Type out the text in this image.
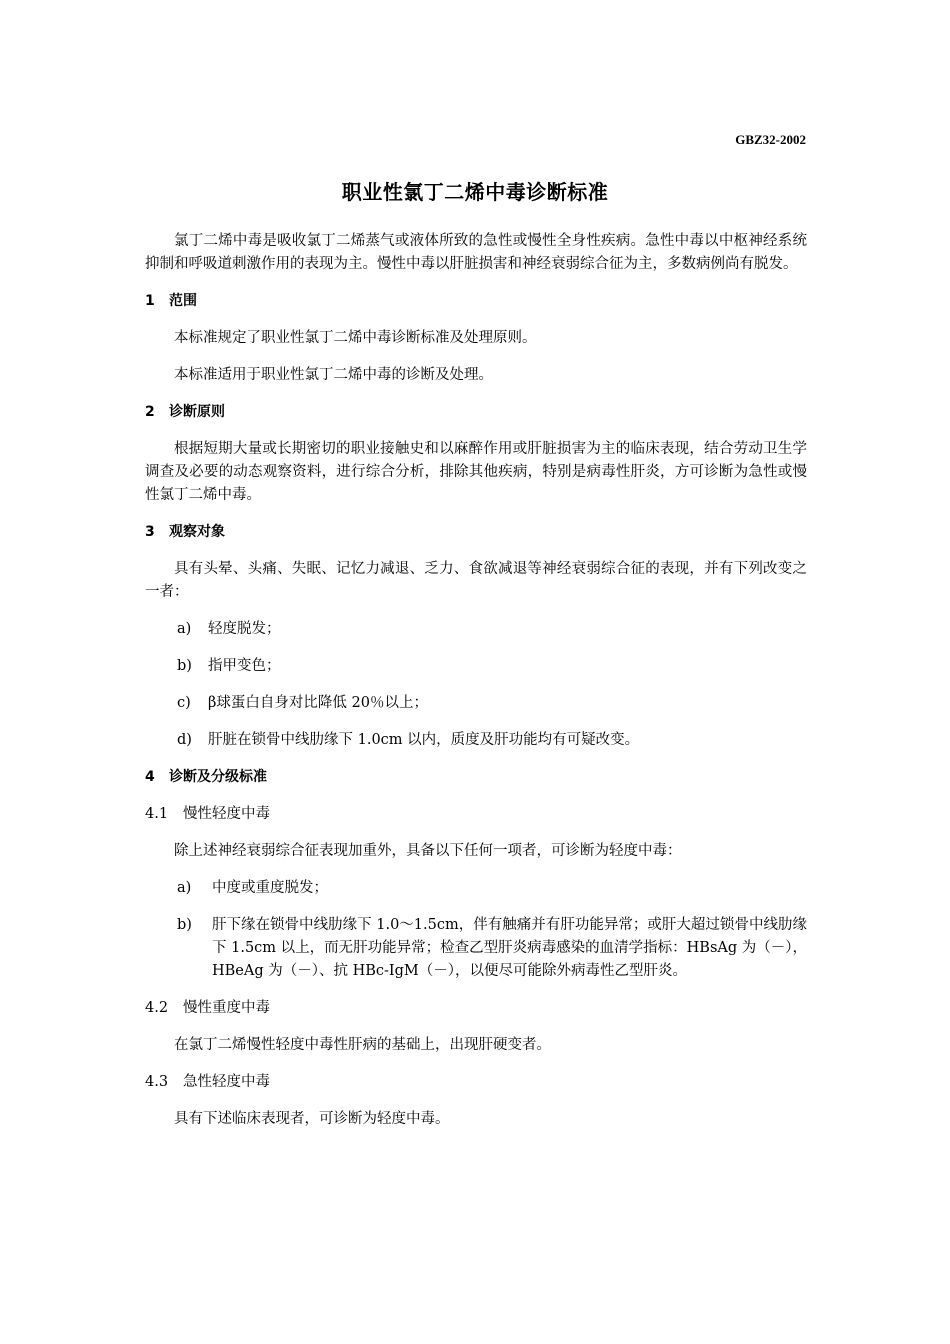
GBZ32-2002
职业性氯丁二烯中毒诊断标准

氯丁二烯中毒是吸收氯丁二烯蒸气或液体所致的急性或慢性全身性疾病。急性中毒以中枢神经系统抑制和呼吸道刺激作用的表现为主。慢性中毒以肝脏损害和神经衰弱综合征为主，多数病例尚有脱发。

1 范围

本标准规定了职业性氯丁二烯中毒诊断标准及处理原则。

本标准适用于职业性氯丁二烯中毒的诊断及处理。

2 诊断原则

根据短期大量或长期密切的职业接触史和以麻醉作用或肝脏损害为主的临床表现，结合劳动卫生学调查及必要的动态观察资料，进行综合分析，排除其他疾病，特别是病毒性肝炎，方可诊断为急性或慢性氯丁二烯中毒。

3 观察对象

具有头晕、头痛、失眠、记忆力减退、乏力、食欲减退等神经衰弱综合征的表现，并有下列改变之一者：

a) 轻度脱发；
b) 指甲变色；
c) β球蛋白自身对比降低 20％以上；
d) 肝脏在锁骨中线肋缘下 1.0cm 以内，质度及肝功能均有可疑改变。
4 诊断及分级标准
4.1 慢性轻度中毒

除上述神经衰弱综合征表现加重外，具备以下任何一项者，可诊断为轻度中毒：

a) 中度或重度脱发；
b) 肝下缘在锁骨中线肋缘下 1.0～1.5cm，伴有触痛并有肝功能异常；或肝大超过锁骨中线肋缘下 1.5cm 以上，而无肝功能异常；检查乙型肝炎病毒感染的血清学指标：HBsAg 为（－），HBeAg 为（－）、抗 HBc-IgM（－），以便尽可能除外病毒性乙型肝炎。
4.2 慢性重度中毒

在氯丁二烯慢性轻度中毒性肝病的基础上，出现肝硬变者。

4.3 急性轻度中毒

具有下述临床表现者，可诊断为轻度中毒。
